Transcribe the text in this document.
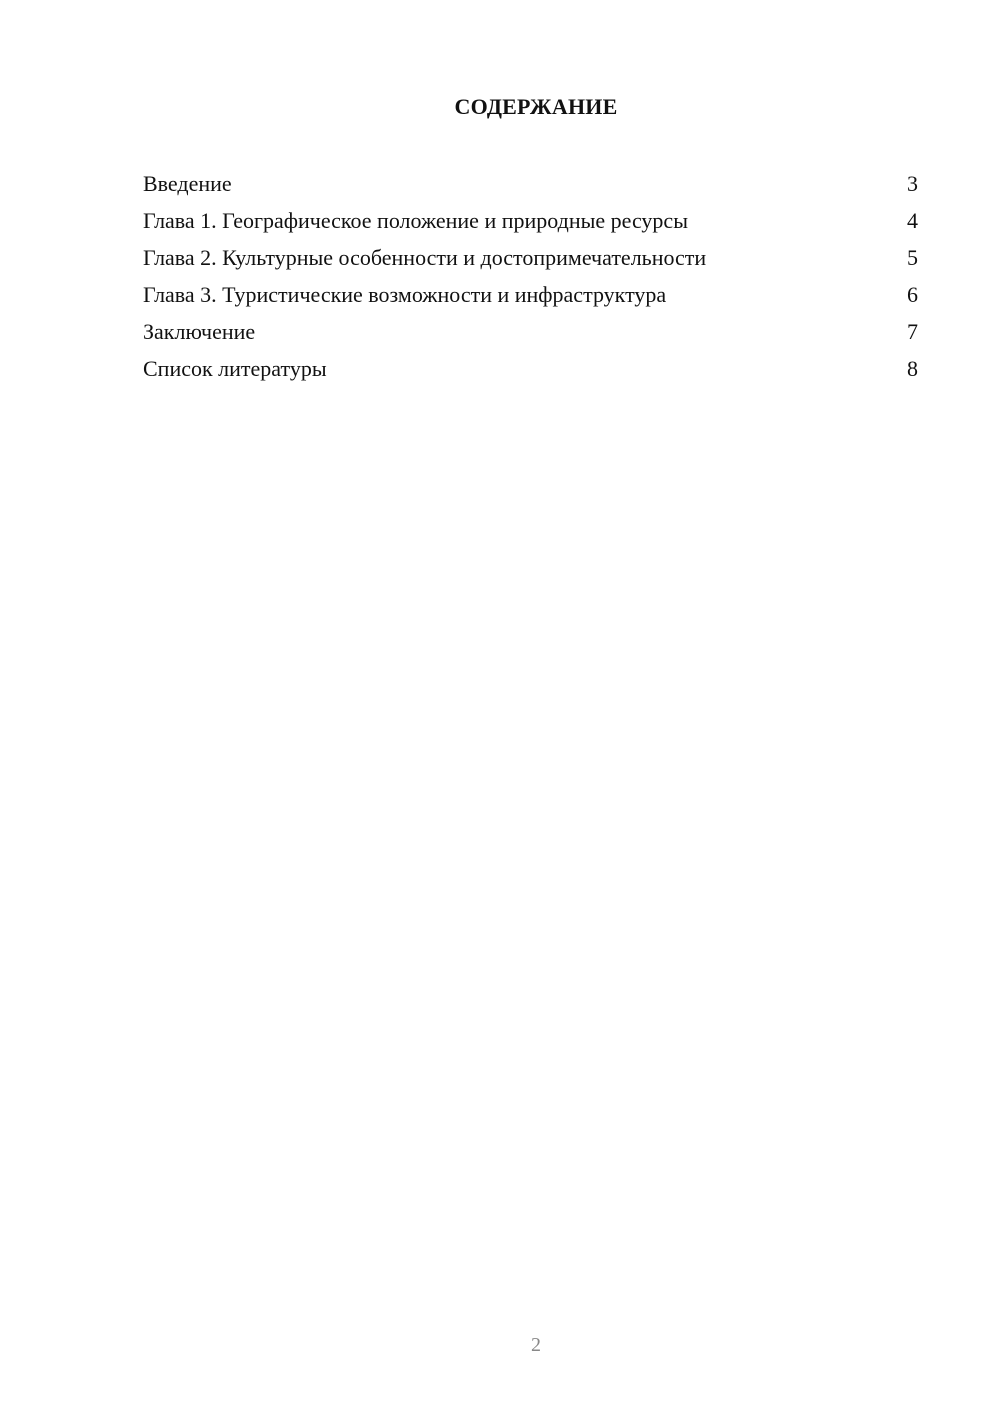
СОДЕРЖАНИЕ
Введение	3
Глава 1. Географическое положение и природные ресурсы	4
Глава 2. Культурные особенности и достопримечательности	5
Глава 3. Туристические возможности и инфраструктура	6
Заключение	7
Список литературы	8
2
